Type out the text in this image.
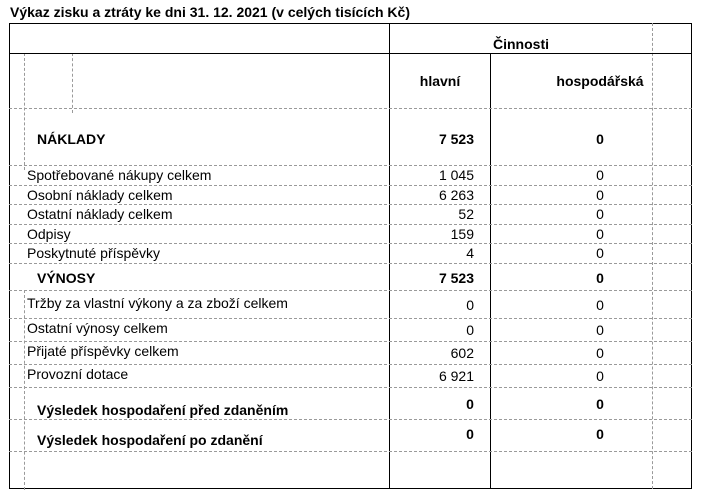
Výkaz zisku a ztráty ke dni 31. 12. 2021 (v celých tisících Kč)
Činnosti
hlavní	hospodářská
NÁKLADY	7 523	0
Spotřebované nákupy celkem	1 045	0
Osobní náklady celkem	6 263	0
Ostatní náklady celkem	52	0
Odpisy	159	0
Poskytnuté příspěvky	4	0
VÝNOSY	7 523	0
Tržby za vlastní výkony a za zboží celkem	0	0
Ostatní výnosy celkem	0	0
Přijaté příspěvky celkem	602	0
Provozní dotace	6 921	0
Výsledek hospodaření před zdaněním	0	0
Výsledek hospodaření po zdanění	0	0
